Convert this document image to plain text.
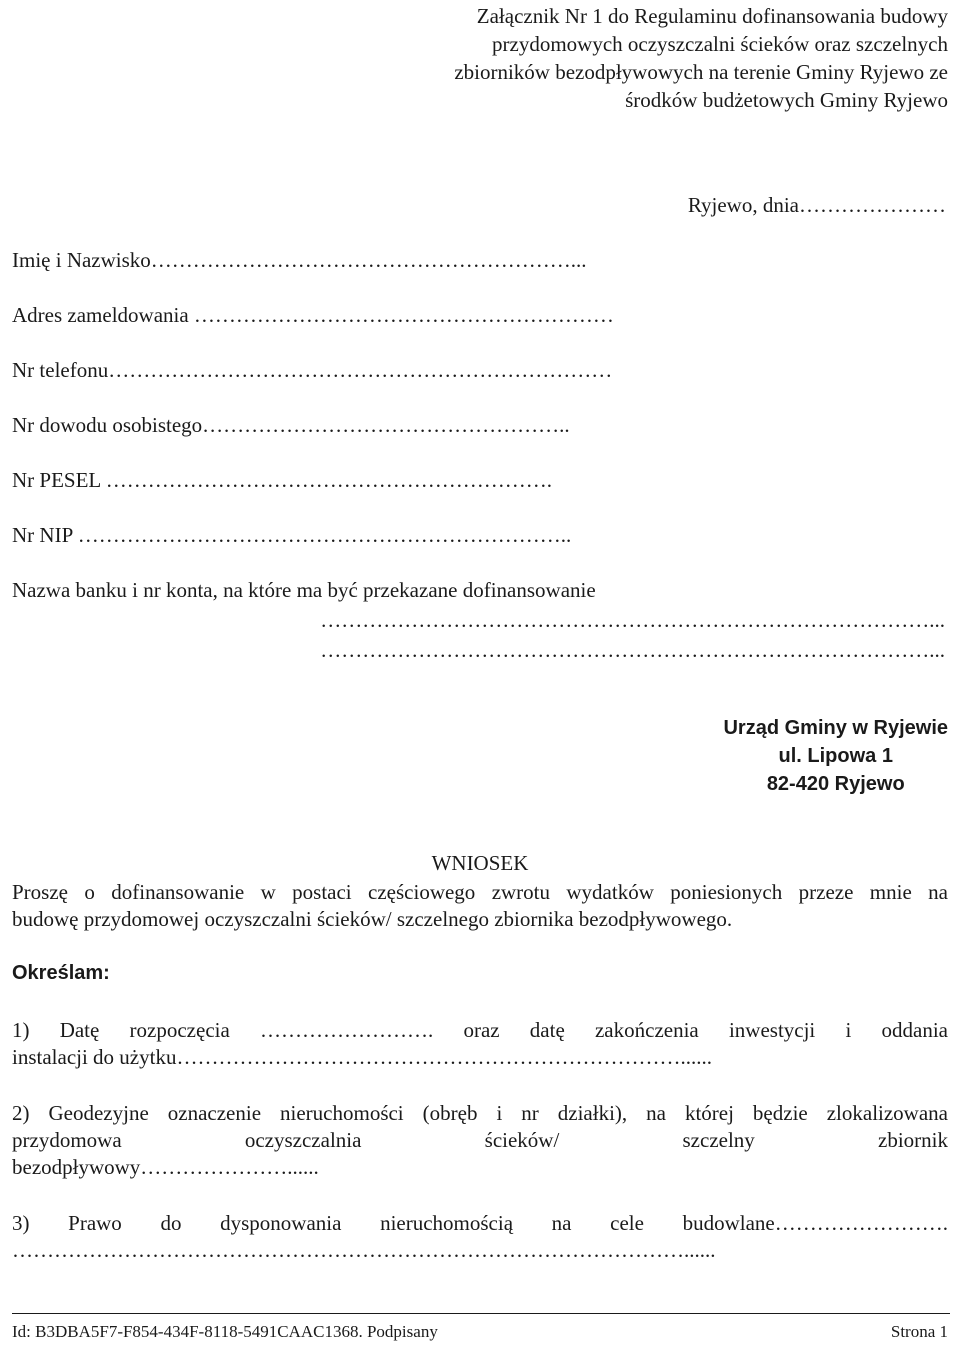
Załącznik Nr 1 do Regulaminu dofinansowania budowy
przydomowych oczyszczalni ścieków oraz szczelnych
zbiorników bezodpływowych na terenie Gminy Ryjewo ze
środków budżetowych Gminy Ryjewo
Ryjewo, dnia…………………
Imię i Nazwisko……………………………………………………...
Adres zameldowania ……………………………………………………
Nr telefonu………………………………………………………………
Nr dowodu osobistego……………………………………………..
Nr PESEL ……………………………………………………….
Nr NIP ……………………………………………………………..
Nazwa banku i nr konta, na które ma być przekazane dofinansowanie
……………………………………………………………………………...
……………………………………………………………………………...
Urząd Gminy w Ryjewie
ul. Lipowa 1
82-420 Ryjewo
WNIOSEK
Proszę o dofinansowanie w postaci częściowego zwrotu wydatków poniesionych przeze mnie na
budowę przydomowej oczyszczalni ścieków/ szczelnego zbiornika bezodpływowego.
Określam:
1) Datę rozpoczęcia ……………………. oraz datę zakończenia inwestycji i oddania
instalacji do użytku………………………………………………………………......
2) Geodezyjne oznaczenie nieruchomości (obręb i nr działki), na której będzie zlokalizowana
przydomowa oczyszczalnia ścieków/ szczelny zbiornik
bezodpływowy…………………......
3) Prawo do dysponowania nieruchomością na cele budowlane…………………….
……………………………………………………………………………………......
Id: B3DBA5F7-F854-434F-8118-5491CAAC1368. Podpisany	Strona 1
